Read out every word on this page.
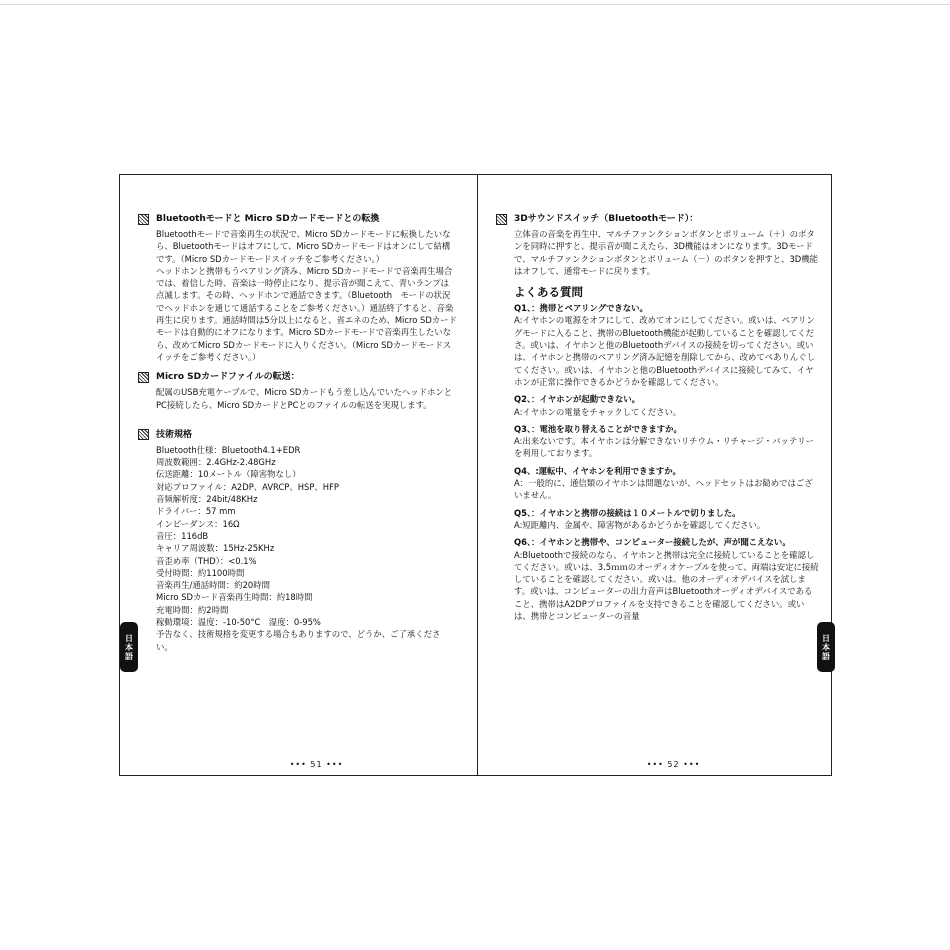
Bluetoothモードと Micro SDカードモードとの転換

Bluetoothモードで音楽再生の状況で、Micro SDカードモードに転換したいなら、Bluetoothモードはオフにして、Micro SDカードモードはオンにして結構です。（Micro SDカードモードスイッチをご参考ください。）
ヘッドホンと携帯もうペアリング済み、Micro SDカードモードで音楽再生場合では、着信した時、音楽は一時停止になり、提示音が聞こえて、青いランプは点滅します。その時、ヘッドホンで通話できます。（Bluetooth　モードの状況でヘッドホンを通じて通話することをご参考ください。）通話終了すると、音楽再生に戻ります。通話時間は5分以上になると、省エネのため、Micro SDカードモードは自動的にオフになります。Micro SDカードモードで音楽再生したいなら、改めてMicro SDカードモードに入りください。（Micro SDカードモードスイッチをご参考ください。）

Micro SDカードファイルの転送：

配属のUSB充電ケーブルで、Micro SDカードもう差し込んでいたヘッドホンとPC接続したら、Micro SDカードとPCとのファイルの転送を実現します。

技術規格
Bluetooth仕様：Bluetooth4.1+EDR
周波数範囲：2.4GHz-2.48GHz
伝送距離：10メートル（障害物なし）
対応プロファイル：A2DP、AVRCP、HSP、HFP
音频解析度：24bit/48KHz
ドライバー：57 mm
インピーダンス：16Ω
音圧：116dB
キャリア周波数：15Hz-25KHz
音歪め率（THD）：<0.1%
受付時間：約1100時間
音楽再生/通話時間：約20時間
Micro SDカード音楽再生時間：約18時間
充電時間：約2時間
稼動環境：温度：-10-50°C　湿度：0-95%

予告なく、技術規格を変更する場合もありますので、どうか、ご了承ください。

••• 51 •••
3Dサウンドスイッチ（Bluetoothモード）：

立体音の音楽を再生中、マルチファンクションボタンとボリューム（＋）のボタンを同時に押すと、提示音が聞こえたら、3D機能はオンになります。3Dモードで、マルチファンクションボタンとボリューム（－）のボタンを押すと、3D機能はオフして、通常モードに戻ります。

よくある質問
Q1、：携帯とペアリングできない。

A:イヤホンの電源をオフにして、改めてオンにしてください。或いは、ペアリングモードに入ること、携帯のBluetooth機能が起動していることを確認してくださ。或いは、イヤホンと他のBluetoothデバイスの接続を切ってください。或いは、イヤホンと携帯のペアリング済み記憶を削除してから、改めてぺありんぐしてください。或いは、イヤホンと他のBluetoothデバイスに接続してみて、イヤホンが正常に操作できるかどうかを確認してください。

Q2、：イヤホンが起動できない。

A:イヤホンの電量をチャックしてください。

Q3、：電池を取り替えることができますか。

A:出来ないです。本イヤホンは分解できないリチウム・リチャージ・バッテリーを利用しております。

Q4、:運転中、イヤホンを利用できますか。

A：一般的に、通信類のイヤホンは問題ないが、ヘッドセットはお勧めではございません。

Q5、：イヤホンと携帯の接続は１０メートルで切りました。

A:短距離内、金属や、障害物があるかどうかを確認してください。

Q6、：イヤホンと携帯や、コンピューター接続したが、声が聞こえない。

A:Bluetoothで接続のなら、イヤホンと携帯は完全に接続していることを確認してください。或いは、3.5ｍｍのオーディオケーブルを使って、両端は安定に接続していることを確認してください。或いは、他のオーディオデバイスを試します。或いは、コンピューターの出力音声はBluetoothオーディオデバイスであること、携帯はA2DPプロファイルを支持できることを確認してください。或いは、携帯とコンピューターの音量

••• 52 •••
日本語	日本語
